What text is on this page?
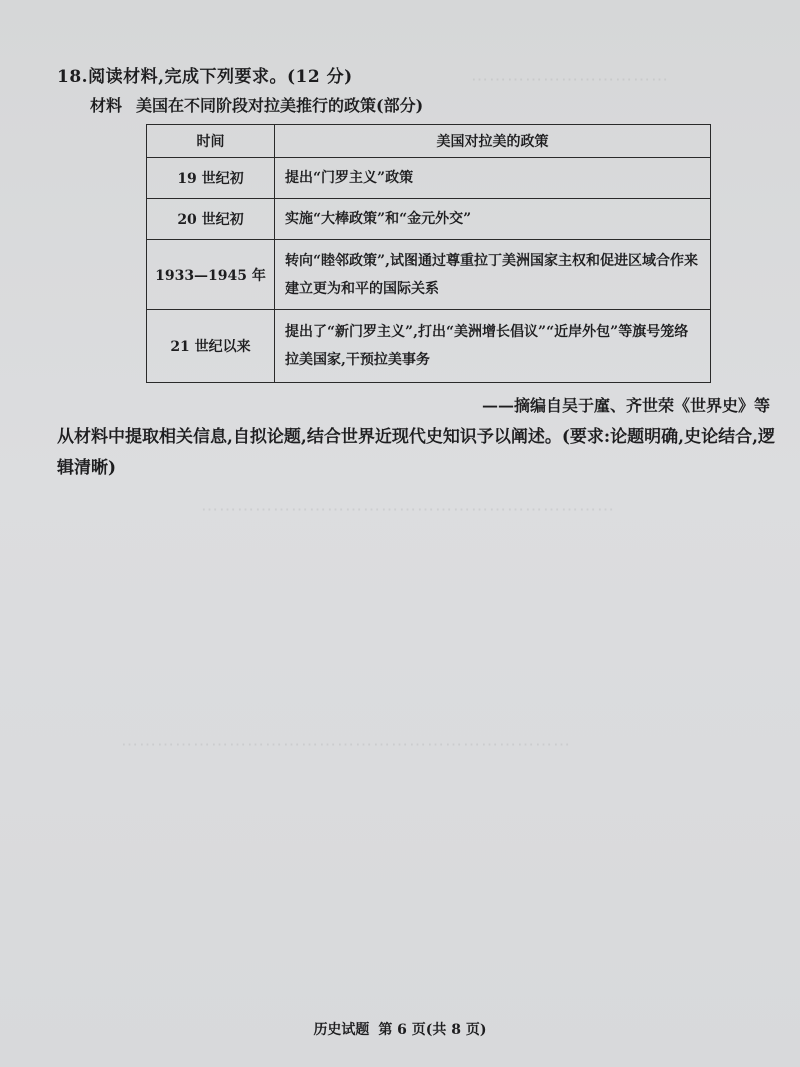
⋯⋯⋯⋯⋯⋯⋯⋯⋯⋯⋯
⋯⋯⋯⋯⋯⋯⋯⋯⋯⋯⋯⋯⋯⋯⋯⋯⋯⋯⋯⋯⋯⋯⋯
⋯⋯⋯⋯⋯⋯⋯⋯⋯⋯⋯⋯⋯⋯⋯⋯⋯⋯⋯⋯⋯⋯⋯⋯⋯
18.阅读材料,完成下列要求。(12 分)
材料 美国在不同阶段对拉美推行的政策(部分)
时间	美国对拉美的政策
19 世纪初	提出“门罗主义”政策
20 世纪初	实施“大棒政策”和“金元外交”
1933—1945 年	转向“睦邻政策”,试图通过尊重拉丁美洲国家主权和促进区域合作来建立更为和平的国际关系
21 世纪以来	提出了“新门罗主义”,打出“美洲增长倡议”“近岸外包”等旗号笼络拉美国家,干预拉美事务
——摘编自吴于廑、齐世荣《世界史》等
从材料中提取相关信息,自拟论题,结合世界近现代史知识予以阐述。(要求:论题明确,史论结合,逻辑清晰)
历史试题 第 6 页(共 8 页)
